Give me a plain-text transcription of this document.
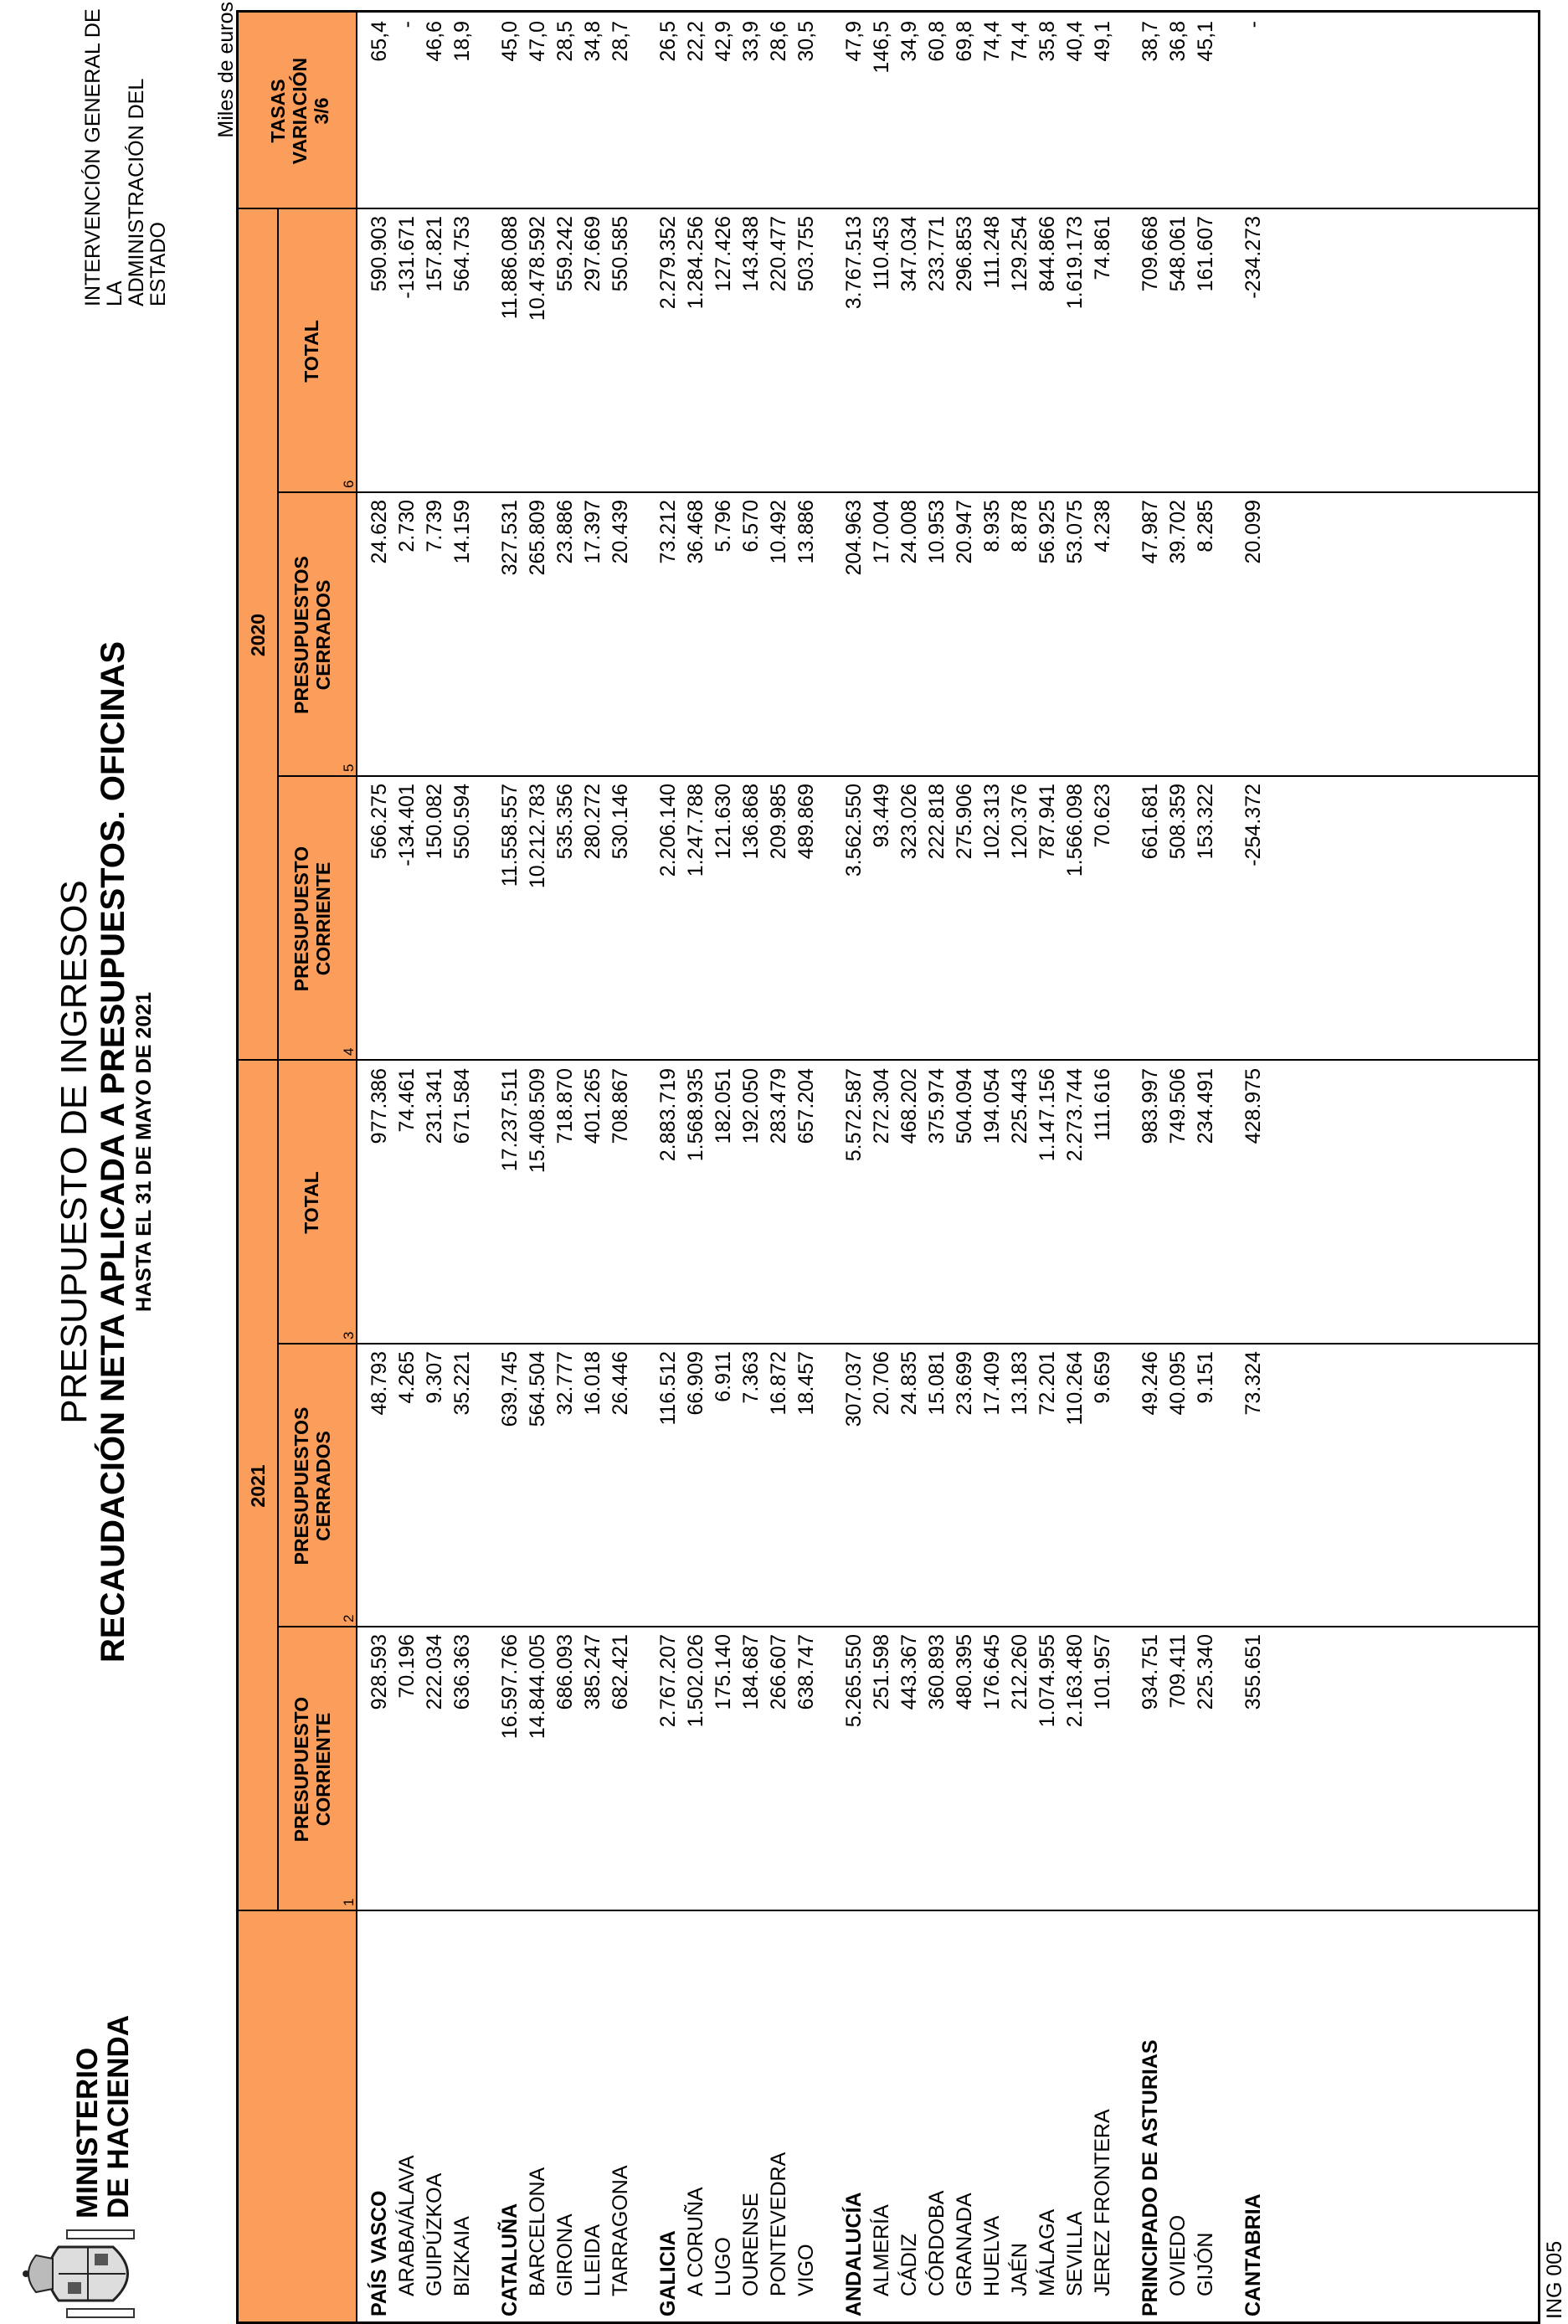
MINISTERIO
DE HACIENDA
PRESUPUESTO DE INGRESOS RECAUDACIÓN NETA APLICADA A PRESUPUESTOS. OFICINAS HASTA EL 31 DE MAYO DE 2021
INTERVENCIÓN GENERAL DE LA
ADMINISTRACIÓN DEL ESTADO
Miles de euros
2021
2020
PRESUPUESTO CORRIENTE
PRESUPUESTOS CERRADOS
TOTAL
PRESUPUESTO CORRIENTE
PRESUPUESTOS CERRADOS
TOTAL
TASAS VARIACIÓN 3/6
1
2
3
4
5
6
PAÍS VASCO
928.593
48.793
977.386
566.275
24.628
590.903
65,4
ARABA/ÁLAVA
70.196
4.265
74.461
-134.401
2.730
-131.671
-
GUIPÚZKOA
222.034
9.307
231.341
150.082
7.739
157.821
46,6
BIZKAIA
636.363
35.221
671.584
550.594
14.159
564.753
18,9
CATALUÑA
16.597.766
639.745
17.237.511
11.558.557
327.531
11.886.088
45,0
BARCELONA
14.844.005
564.504
15.408.509
10.212.783
265.809
10.478.592
47,0
GIRONA
686.093
32.777
718.870
535.356
23.886
559.242
28,5
LLEIDA
385.247
16.018
401.265
280.272
17.397
297.669
34,8
TARRAGONA
682.421
26.446
708.867
530.146
20.439
550.585
28,7
GALICIA
2.767.207
116.512
2.883.719
2.206.140
73.212
2.279.352
26,5
A CORUÑA
1.502.026
66.909
1.568.935
1.247.788
36.468
1.284.256
22,2
LUGO
175.140
6.911
182.051
121.630
5.796
127.426
42,9
OURENSE
184.687
7.363
192.050
136.868
6.570
143.438
33,9
PONTEVEDRA
266.607
16.872
283.479
209.985
10.492
220.477
28,6
VIGO
638.747
18.457
657.204
489.869
13.886
503.755
30,5
ANDALUCÍA
5.265.550
307.037
5.572.587
3.562.550
204.963
3.767.513
47,9
ALMERÍA
251.598
20.706
272.304
93.449
17.004
110.453
146,5
CÁDIZ
443.367
24.835
468.202
323.026
24.008
347.034
34,9
CÓRDOBA
360.893
15.081
375.974
222.818
10.953
233.771
60,8
GRANADA
480.395
23.699
504.094
275.906
20.947
296.853
69,8
HUELVA
176.645
17.409
194.054
102.313
8.935
111.248
74,4
JAÉN
212.260
13.183
225.443
120.376
8.878
129.254
74,4
MÁLAGA
1.074.955
72.201
1.147.156
787.941
56.925
844.866
35,8
SEVILLA
2.163.480
110.264
2.273.744
1.566.098
53.075
1.619.173
40,4
JEREZ FRONTERA
101.957
9.659
111.616
70.623
4.238
74.861
49,1
PRINCIPADO DE ASTURIAS
934.751
49.246
983.997
661.681
47.987
709.668
38,7
OVIEDO
709.411
40.095
749.506
508.359
39.702
548.061
36,8
GIJÓN
225.340
9.151
234.491
153.322
8.285
161.607
45,1
CANTABRIA
355.651
73.324
428.975
-254.372
20.099
-234.273
-
ING 005
